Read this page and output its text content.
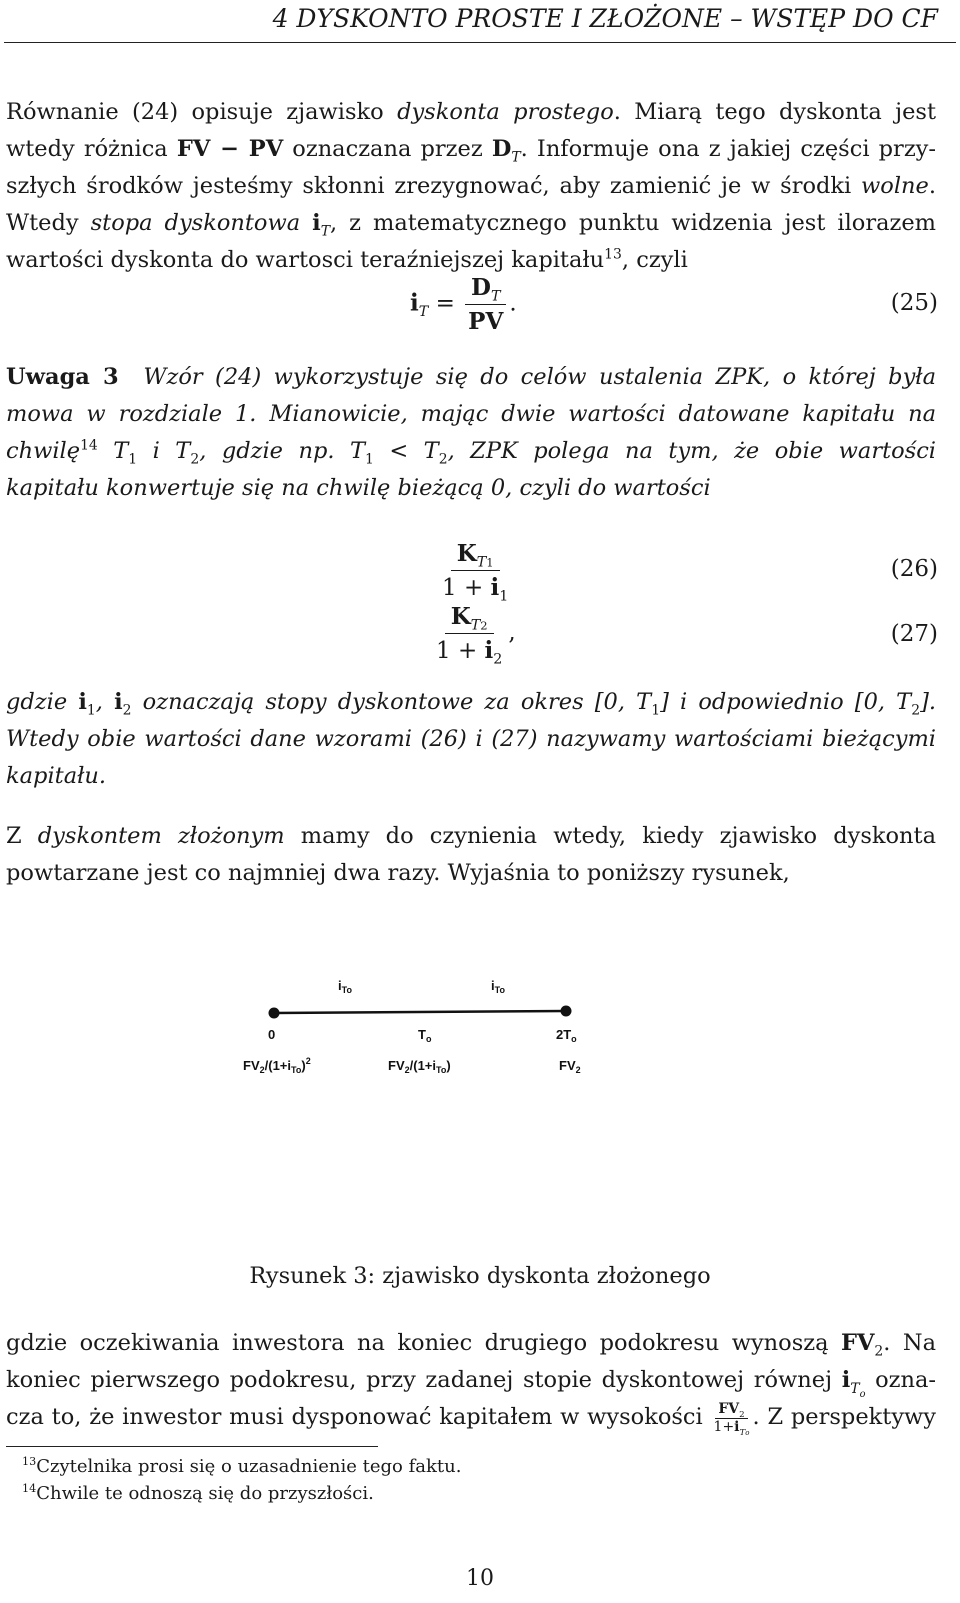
4 DYSKONTO PROSTE I ZŁOŻONE – WSTĘP DO CF
Równanie (24) opisuje zjawisko dyskonta prostego. Miarą tego dyskonta jest
wtedy różnica FV − PV oznaczana przez $D_T$. Informuje ona z jakiej części przy-
szłych środków jesteśmy skłonni zrezygnować, aby zamienić je w środki wolne.
Wtedy stopa dyskontowa $i_T$, z matematycznego punktu widzenia jest ilorazem
wartości dyskonta do wartosci teraźniejszej kapitału$^{13}$, czyli
$i_T = \frac{D_T}{PV}$ .	(25)
Uwaga 3 Wzór (24) wykorzystuje się do celów ustalenia ZPK, o której była
mowa w rozdziale 1. Mianowicie, mając dwie wartości datowane kapitału na
chwilę$^{14}$ $T_1$ i $T_2$, gdzie np. $T_1 < T_2$, ZPK polega na tym, że obie wartości
kapitału konwertuje się na chwilę bieżącą 0, czyli do wartości
$\frac{K_{T1}}{1 + i_1}$	(26)
$\frac{K_{T2}}{1 + i_2}$ ,	(27)
gdzie $i_1$, $i_2$ oznaczają stopy dyskontowe za okres [0, $T_1$] i odpowiednio [0, $T_2$].
Wtedy obie wartości dane wzorami (26) i (27) nazywamy wartościami bieżącymi
kapitału.
Z dyskontem złożonym mamy do czynienia wtedy, kiedy zjawisko dyskonta
powtarzane jest co najmniej dwa razy. Wyjaśnia to poniższy rysunek,
$i_{To}$	$i_{To}$
0	$T_o$	$2T_o$
$FV_2/(1+i_{To})^2$	$FV_2/(1+i_{To})$	$FV_2$
Rysunek 3: zjawisko dyskonta złożonego
gdzie oczekiwania inwestora na koniec drugiego podokresu wynoszą $FV_2$. Na
koniec pierwszego podokresu, przy zadanej stopie dyskontowej równej $i_{T_o}$ ozna-
cza to, że inwestor musi dysponować kapitałem w wysokości $\frac{FV_2}{1+i_{To}}$ . Z perspektywy
$^{13}$Czytelnika prosi się o uzasadnienie tego faktu.
$^{14}$Chwile te odnoszą się do przyszłości.
10
